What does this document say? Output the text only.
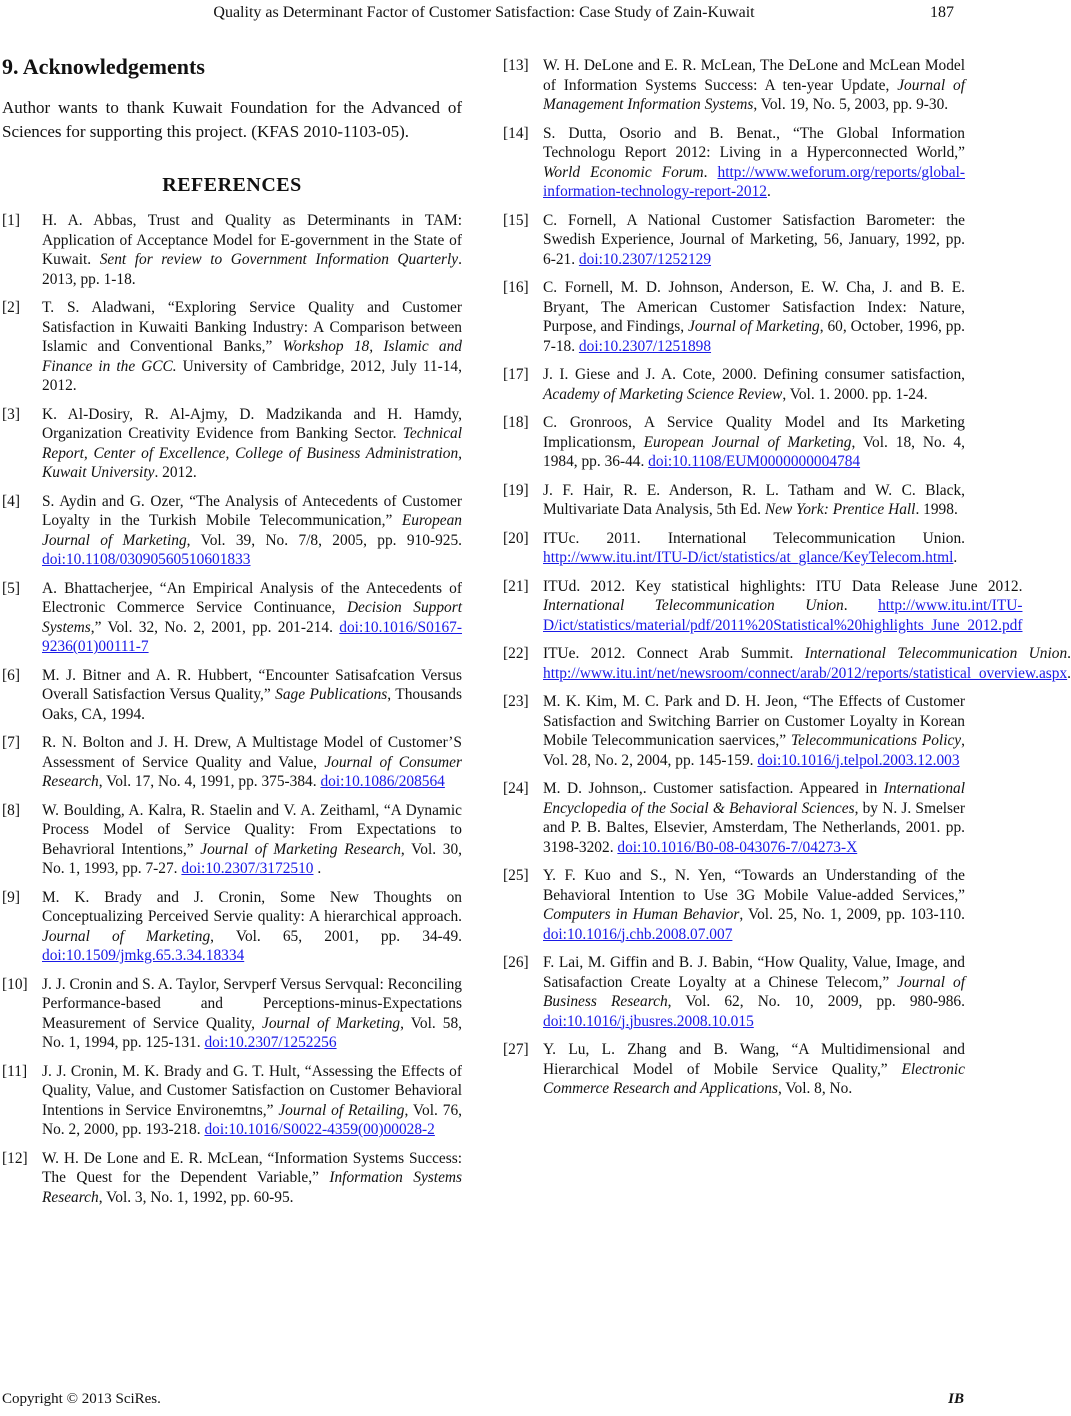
Quality as Determinant Factor of Customer Satisfaction: Case Study of Zain-Kuwait	187
9. Acknowledgements

Author wants to thank Kuwait Foundation for the Advanced of Sciences for supporting this project. (KFAS 2010-1103-05).

REFERENCES
[1]	H. A. Abbas, Trust and Quality as Determinants in TAM: Application of Acceptance Model for E-government in the State of Kuwait. Sent for review to Government Information Quarterly. 2013, pp. 1-18.
[2]	T. S. Aladwani, “Exploring Service Quality and Customer Satisfaction in Kuwaiti Banking Industry: A Comparison between Islamic and Conventional Banks,” Workshop 18, Islamic and Finance in the GCC. University of Cambridge, 2012, July 11-14, 2012.
[3]	K. Al-Dosiry, R. Al-Ajmy, D. Madzikanda and H. Hamdy, Organization Creativity Evidence from Banking Sector. Technical Report, Center of Excellence, College of Business Administration, Kuwait University. 2012.
[4]	S. Aydin and G. Ozer, “The Analysis of Antecedents of Customer Loyalty in the Turkish Mobile Telecommunication,” European Journal of Marketing, Vol. 39, No. 7/8, 2005, pp. 910-925. doi:10.1108/03090560510601833
[5]	A. Bhattacherjee, “An Empirical Analysis of the Antecedents of Electronic Commerce Service Continuance, Decision Support Systems,” Vol. 32, No. 2, 2001, pp. 201-214. doi:10.1016/S0167-9236(01)00111-7
[6]	M. J. Bitner and A. R. Hubbert, “Encounter Satisafcation Versus Overall Satisfaction Versus Quality,” Sage Publications, Thousands Oaks, CA, 1994.
[7]	R. N. Bolton and J. H. Drew, A Multistage Model of Customer’S Assessment of Service Quality and Value, Journal of Consumer Research, Vol. 17, No. 4, 1991, pp. 375-384. doi:10.1086/208564
[8]	W. Boulding, A. Kalra, R. Staelin and V. A. Zeithaml, “A Dynamic Process Model of Service Quality: From Expectations to Behavrioral Intentions,” Journal of Marketing Research, Vol. 30, No. 1, 1993, pp. 7-27. doi:10.2307/3172510 .
[9]	M. K. Brady and J. Cronin, Some New Thoughts on Conceptualizing Perceived Servie quality: A hierarchical approach. Journal of Marketing, Vol. 65, 2001, pp. 34-49. doi:10.1509/jmkg.65.3.34.18334
[10] J. J. Cronin and S. A. Taylor, Servperf Versus Servqual: Reconciling Performance-based and Perceptions-minus-Expectations Measurement of Service Quality, Journal of Marketing, Vol. 58, No. 1, 1994, pp. 125-131. doi:10.2307/1252256
[11] J. J. Cronin, M. K. Brady and G. T. Hult, “Assessing the Effects of Quality, Value, and Customer Satisfaction on Customer Behavioral Intentions in Service Environemtns,” Journal of Retailing, Vol. 76, No. 2, 2000, pp. 193-218. doi:10.1016/S0022-4359(00)00028-2
[12] W. H. De Lone and E. R. McLean, “Information Systems Success: The Quest for the Dependent Variable,” Information Systems Research, Vol. 3, No. 1, 1992, pp. 60-95.
[13] W. H. DeLone and E. R. McLean, The DeLone and McLean Model of Information Systems Success: A ten-year Update, Journal of Management Information Systems, Vol. 19, No. 5, 2003, pp. 9-30.
[14] S. Dutta, Osorio and B. Benat., “The Global Information Technologu Report 2012: Living in a Hyperconnected World,” World Economic Forum. http://www.weforum.org/reports/global-information-technology-report-2012.
[15] C. Fornell, A National Customer Satisfaction Barometer: the Swedish Experience, Journal of Marketing, 56, January, 1992, pp. 6-21. doi:10.2307/1252129
[16] C. Fornell, M. D. Johnson, Anderson, E. W. Cha, J. and B. E. Bryant, The American Customer Satisfaction Index: Nature, Purpose, and Findings, Journal of Marketing, 60, October, 1996, pp. 7-18. doi:10.2307/1251898
[17] J. I. Giese and J. A. Cote, 2000. Defining consumer satisfaction, Academy of Marketing Science Review, Vol. 1. 2000. pp. 1-24.
[18] C. Gronroos, A Service Quality Model and Its Marketing Implicationsm, European Journal of Marketing, Vol. 18, No. 4, 1984, pp. 36-44. doi:10.1108/EUM0000000004784
[19] J. F. Hair, R. E. Anderson, R. L. Tatham and W. C. Black, Multivariate Data Analysis, 5th Ed. New York: Prentice Hall. 1998.
[20] ITUc. 2011. International Telecommunication Union. http://www.itu.int/ITU-D/ict/statistics/at_glance/KeyTelecom.html.
[21] ITUd. 2012. Key statistical highlights: ITU Data Release June 2012. International Telecommunication Union. http://www.itu.int/ITU-D/ict/statistics/material/pdf/2011%20Statistical%20highlights_June_2012.pdf
[22] ITUe. 2012. Connect Arab Summit. International Telecommunication Union. http://www.itu.int/net/newsroom/connect/arab/2012/reports/statistical_overview.aspx.
[23] M. K. Kim, M. C. Park and D. H. Jeon, “The Effects of Customer Satisfaction and Switching Barrier on Customer Loyalty in Korean Mobile Telecommunication saervices,” Telecommunications Policy, Vol. 28, No. 2, 2004, pp. 145-159. doi:10.1016/j.telpol.2003.12.003
[24] M. D. Johnson,. Customer satisfaction. Appeared in International Encyclopedia of the Social & Behavioral Sciences, by N. J. Smelser and P. B. Baltes, Elsevier, Amsterdam, The Netherlands, 2001. pp. 3198-3202. doi:10.1016/B0-08-043076-7/04273-X
[25] Y. F. Kuo and S., N. Yen, “Towards an Understanding of the Behavioral Intention to Use 3G Mobile Value-added Services,” Computers in Human Behavior, Vol. 25, No. 1, 2009, pp. 103-110. doi:10.1016/j.chb.2008.07.007
[26] F. Lai, M. Giffin and B. J. Babin, “How Quality, Value, Image, and Satisafaction Create Loyalty at a Chinese Telecom,” Journal of Business Research, Vol. 62, No. 10, 2009, pp. 980-986. doi:10.1016/j.jbusres.2008.10.015
[27] Y. Lu, L. Zhang and B. Wang, “A Multidimensional and Hierarchical Model of Mobile Service Quality,” Electronic Commerce Research and Applications, Vol. 8, No.
Copyright © 2013 SciRes.	IB
